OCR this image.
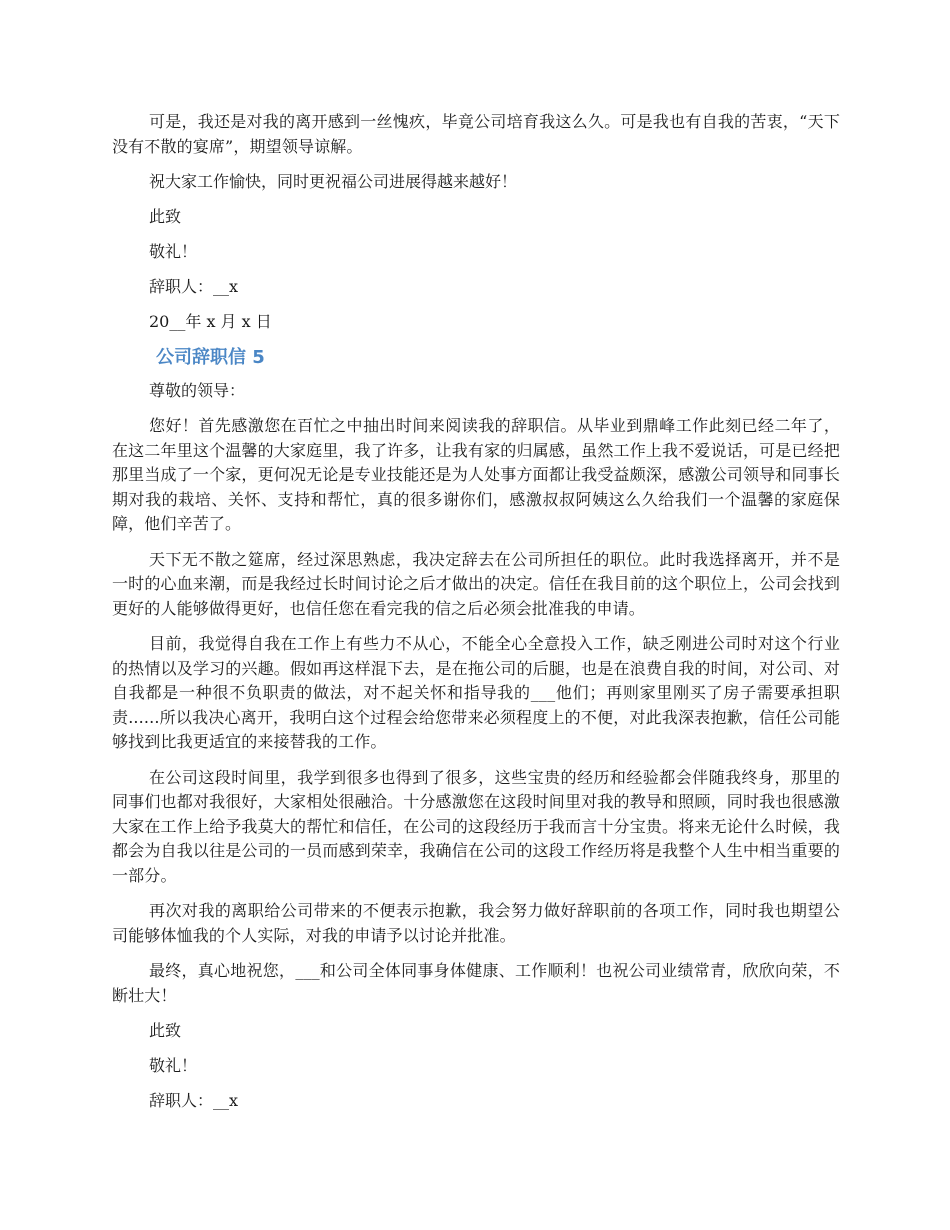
可是，我还是对我的离开感到一丝愧疚，毕竟公司培育我这么久。可是我也有自我的苦衷，“天下没有不散的宴席”，期望领导谅解。

祝大家工作愉快，同时更祝福公司进展得越来越好！

此致

敬礼！

辞职人：__x

20__年 x 月 x 日

公司辞职信 5

尊敬的领导：

您好！首先感激您在百忙之中抽出时间来阅读我的辞职信。从毕业到鼎峰工作此刻已经二年了，在这二年里这个温馨的大家庭里，我了许多，让我有家的归属感，虽然工作上我不爱说话，可是已经把那里当成了一个家，更何况无论是专业技能还是为人处事方面都让我受益颇深，感激公司领导和同事长期对我的栽培、关怀、支持和帮忙，真的很多谢你们，感激叔叔阿姨这么久给我们一个温馨的家庭保障，他们辛苦了。

天下无不散之筵席，经过深思熟虑，我决定辞去在公司所担任的职位。此时我选择离开，并不是一时的心血来潮，而是我经过长时间讨论之后才做出的决定。信任在我目前的这个职位上，公司会找到更好的人能够做得更好，也信任您在看完我的信之后必须会批准我的申请。

目前，我觉得自我在工作上有些力不从心，不能全心全意投入工作，缺乏刚进公司时对这个行业的热情以及学习的兴趣。假如再这样混下去，是在拖公司的后腿，也是在浪费自我的时间，对公司、对自我都是一种很不负职责的做法，对不起关怀和指导我的___他们；再则家里刚买了房子需要承担职责......所以我决心离开，我明白这个过程会给您带来必须程度上的不便，对此我深表抱歉，信任公司能够找到比我更适宜的来接替我的工作。

在公司这段时间里，我学到很多也得到了很多，这些宝贵的经历和经验都会伴随我终身，那里的同事们也都对我很好，大家相处很融洽。十分感激您在这段时间里对我的教导和照顾，同时我也很感激大家在工作上给予我莫大的帮忙和信任，在公司的这段经历于我而言十分宝贵。将来无论什么时候，我都会为自我以往是公司的一员而感到荣幸，我确信在公司的这段工作经历将是我整个人生中相当重要的一部分。

再次对我的离职给公司带来的不便表示抱歉，我会努力做好辞职前的各项工作，同时我也期望公司能够体恤我的个人实际，对我的申请予以讨论并批准。

最终，真心地祝您，___和公司全体同事身体健康、工作顺利！也祝公司业绩常青，欣欣向荣，不断壮大！

此致

敬礼！

辞职人：__x
